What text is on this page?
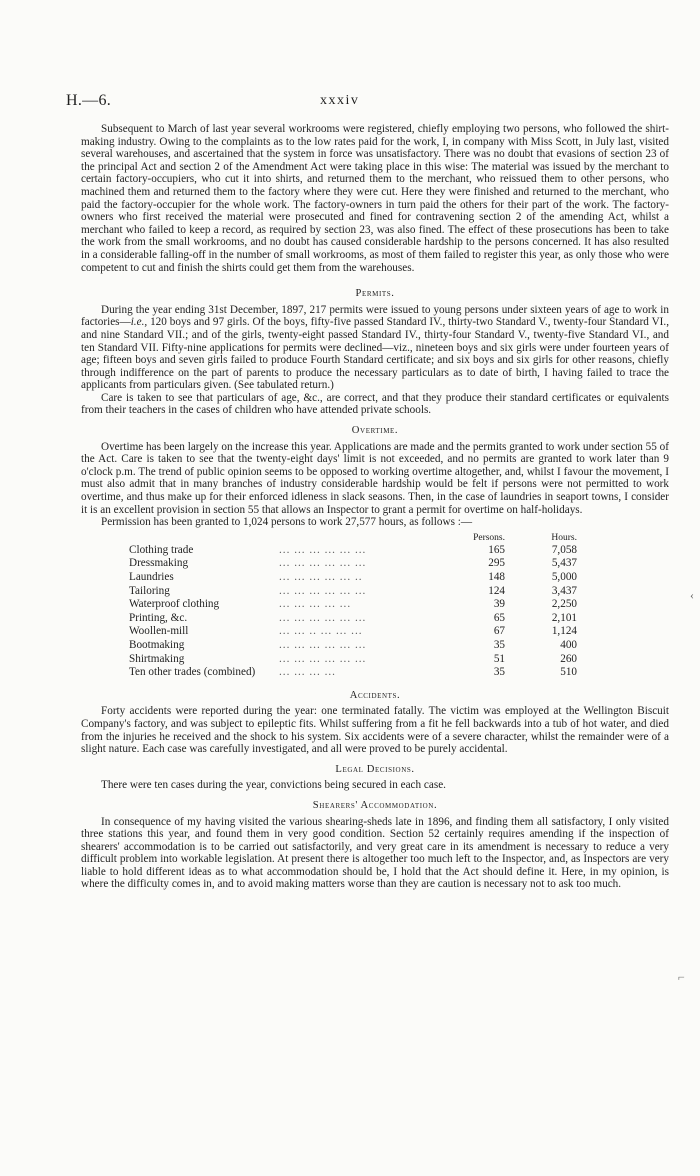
H.—6.	xxxiv

Subsequent to March of last year several workrooms were registered, chiefly employing two persons, who followed the shirt-making industry. Owing to the complaints as to the low rates paid for the work, I, in company with Miss Scott, in July last, visited several warehouses, and ascertained that the system in force was unsatisfactory. There was no doubt that evasions of section 23 of the principal Act and section 2 of the Amendment Act were taking place in this wise: The material was issued by the merchant to certain factory-occupiers, who cut it into shirts, and returned them to the merchant, who reissued them to other persons, who machined them and returned them to the factory where they were cut. Here they were finished and returned to the merchant, who paid the factory-occupier for the whole work. The factory-owners in turn paid the others for their part of the work. The factory-owners who first received the material were prosecuted and fined for contravening section 2 of the amending Act, whilst a merchant who failed to keep a record, as required by section 23, was also fined. The effect of these prosecutions has been to take the work from the small workrooms, and no doubt has caused considerable hardship to the persons concerned. It has also resulted in a considerable falling-off in the number of small workrooms, as most of them failed to register this year, as only those who were competent to cut and finish the shirts could get them from the warehouses.

Permits.

During the year ending 31st December, 1897, 217 permits were issued to young persons under sixteen years of age to work in factories—i.e., 120 boys and 97 girls. Of the boys, fifty-five passed Standard IV., thirty-two Standard V., twenty-four Standard VI., and nine Standard VII.; and of the girls, twenty-eight passed Standard IV., thirty-four Standard V., twenty-five Standard VI., and ten Standard VII. Fifty-nine applications for permits were declined—viz., nineteen boys and six girls were under fourteen years of age; fifteen boys and seven girls failed to produce Fourth Standard certificate; and six boys and six girls for other reasons, chiefly through indifference on the part of parents to produce the necessary particulars as to date of birth, I having failed to trace the applicants from particulars given. (See tabulated return.)

Care is taken to see that particulars of age, &c., are correct, and that they produce their standard certificates or equivalents from their teachers in the cases of children who have attended private schools.

Overtime.

Overtime has been largely on the increase this year. Applications are made and the permits granted to work under section 55 of the Act. Care is taken to see that the twenty-eight days' limit is not exceeded, and no permits are granted to work later than 9 o'clock p.m. The trend of public opinion seems to be opposed to working overtime altogether, and, whilst I favour the movement, I must also admit that in many branches of industry considerable hardship would be felt if persons were not permitted to work overtime, and thus make up for their enforced idleness in slack seasons. Then, in the case of laundries in seaport towns, I consider it is an excellent provision in section 55 that allows an Inspector to grant a permit for overtime on half-holidays.

Permission has been granted to 1,024 persons to work 27,577 hours, as follows :—

		Persons.	Hours.
Clothing trade	... ... ... ... ... ...	165	7,058
Dressmaking	... ... ... ... ... ...	295	5,437
Laundries	... ... ... ... ... ..	148	5,000
Tailoring	... ... ... ... ... ...	124	3,437
Waterproof clothing	... ... ... ... ...	39	2,250
Printing, &c.	... ... ... ... ... ...	65	2,101
Woollen-mill	... ... .. ... ... ...	67	1,124
Bootmaking	... ... ... ... ... ...	35	400
Shirtmaking	... ... ... ... ... ...	51	260
Ten other trades (combined)	... ... ... ...	35	510
Accidents.

Forty accidents were reported during the year: one terminated fatally. The victim was employed at the Wellington Biscuit Company's factory, and was subject to epileptic fits. Whilst suffering from a fit he fell backwards into a tub of hot water, and died from the injuries he received and the shock to his system. Six accidents were of a severe character, whilst the remainder were of a slight nature. Each case was carefully investigated, and all were proved to be purely accidental.

Legal Decisions.

There were ten cases during the year, convictions being secured in each case.

Shearers' Accommodation.

In consequence of my having visited the various shearing-sheds late in 1896, and finding them all satisfactory, I only visited three stations this year, and found them in very good condition. Section 52 certainly requires amending if the inspection of shearers' accommodation is to be carried out satisfactorily, and very great care in its amendment is necessary to reduce a very difficult problem into workable legislation. At present there is altogether too much left to the Inspector, and, as Inspectors are very liable to hold different ideas as to what accommodation should be, I hold that the Act should define it. Here, in my opinion, is where the difficulty comes in, and to avoid making matters worse than they are caution is necessary not to ask too much.

‹
⌐
